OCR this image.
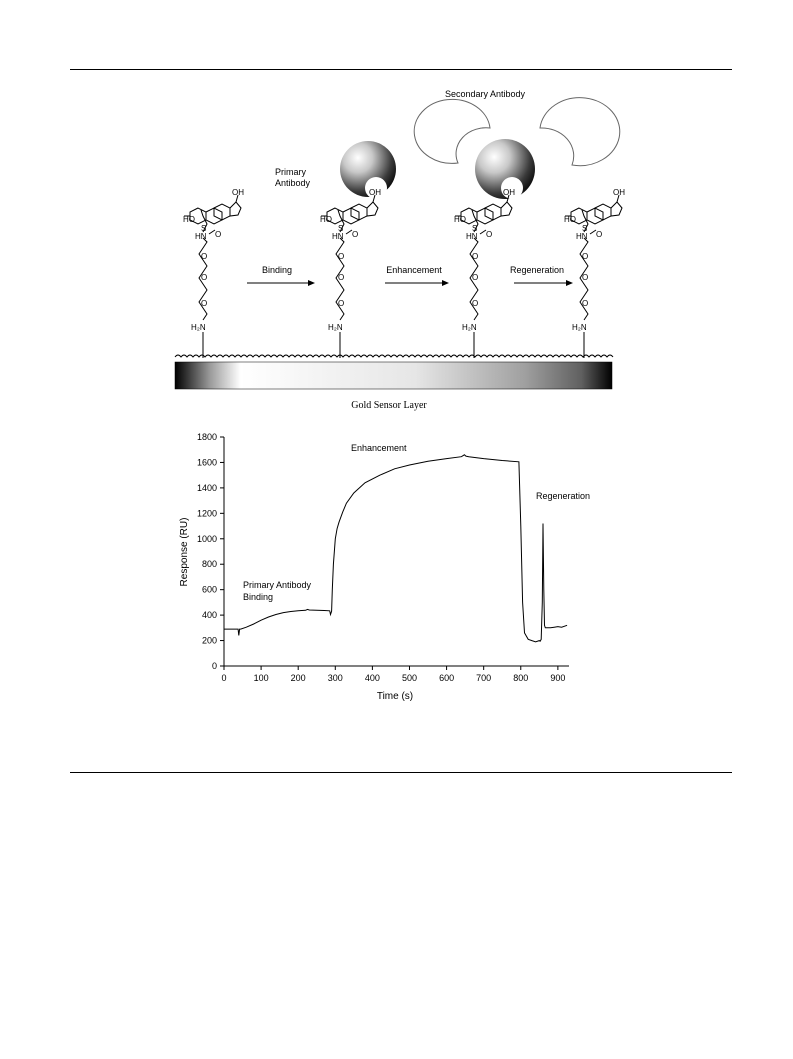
Secondary Antibody
Primary Antibody
H₂N
O
O
O
HN O
S
HO
OH
H₂N
O
O
O
HN O
S
HO
OH
H₂N
O
O
O
HN O
S
HO
OH
H₂N
O
O
O
HN O
S
HO
OH
Binding	Enhancement	Regeneration
Gold Sensor Layer
0
200
400
600
800
1000
1200
1400
1600
1800
0	100 200 300 400 500 600 700 800 900
Response (RU)
Time (s)
Primary Antibody Binding
Enhancement
Regeneration
